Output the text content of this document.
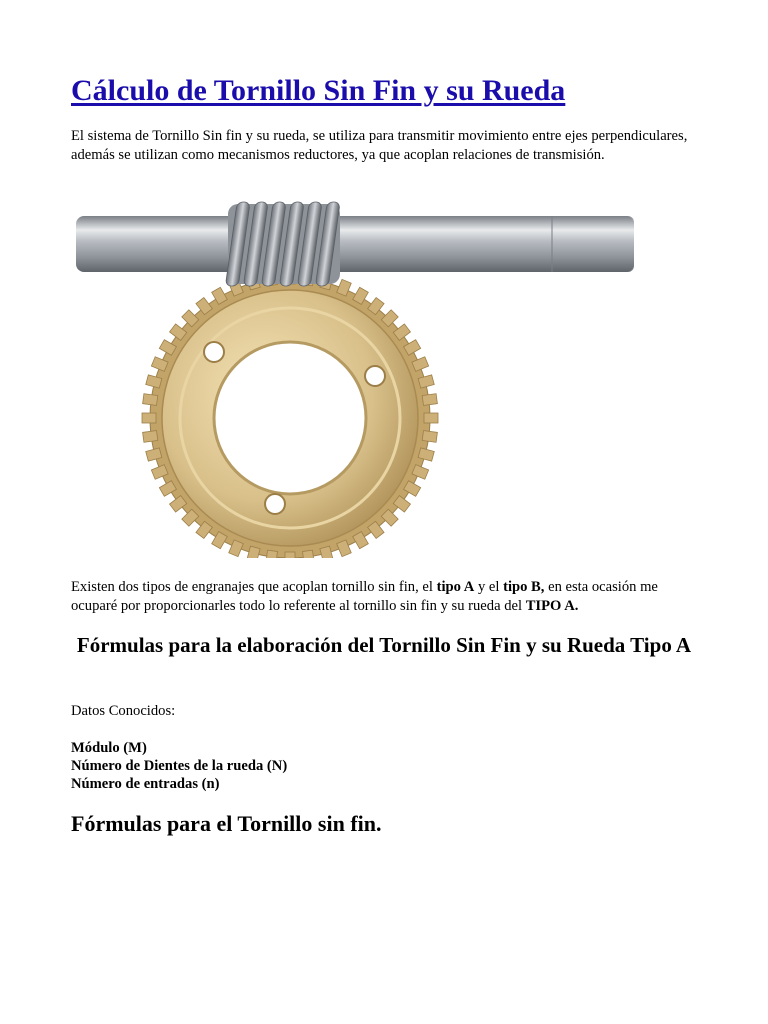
Cálculo de Tornillo Sin Fin y su Rueda

El sistema de Tornillo Sin fin y su rueda, se utiliza para transmitir movimiento entre ejes perpendiculares, además se utilizan como mecanismos reductores, ya que acoplan relaciones de transmisión.

Existen dos tipos de engranajes que acoplan tornillo sin fin, el tipo A y el tipo B, en esta ocasión me ocuparé por proporcionarles todo lo referente al tornillo sin fin y su rueda del TIPO A.

Fórmulas para la elaboración del Tornillo Sin Fin y su Rueda Tipo A

Datos Conocidos:

Módulo (M)
Número de Dientes de la rueda (N)
Número de entradas (n)
Fórmulas para el Tornillo sin fin.
